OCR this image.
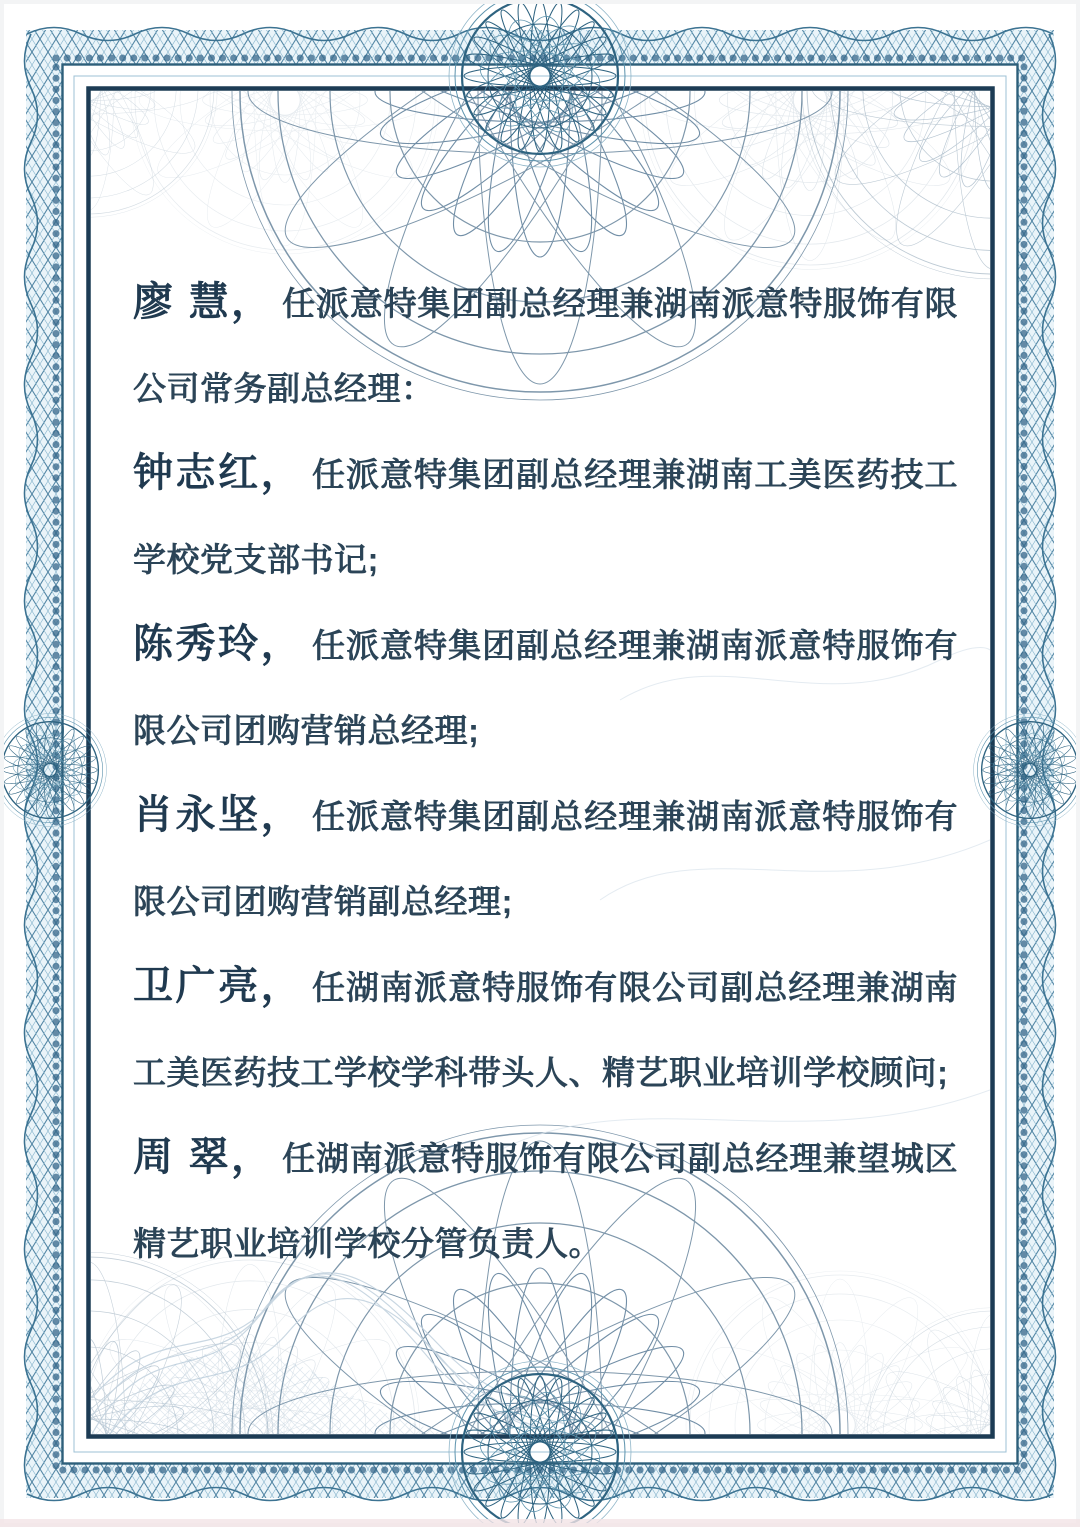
廖 慧， 任派意特集团副总经理兼湖南派意特服饰有限公司常务副总经理：

钟志红， 任派意特集团副总经理兼湖南工美医药技工学校党支部书记;

陈秀玲， 任派意特集团副总经理兼湖南派意特服饰有限公司团购营销总经理;

肖永坚， 任派意特集团副总经理兼湖南派意特服饰有限公司团购营销副总经理;

卫广亮， 任湖南派意特服饰有限公司副总经理兼湖南工美医药技工学校学科带头人、精艺职业培训学校顾问;

周 翠， 任湖南派意特服饰有限公司副总经理兼望城区精艺职业培训学校分管负责人。
